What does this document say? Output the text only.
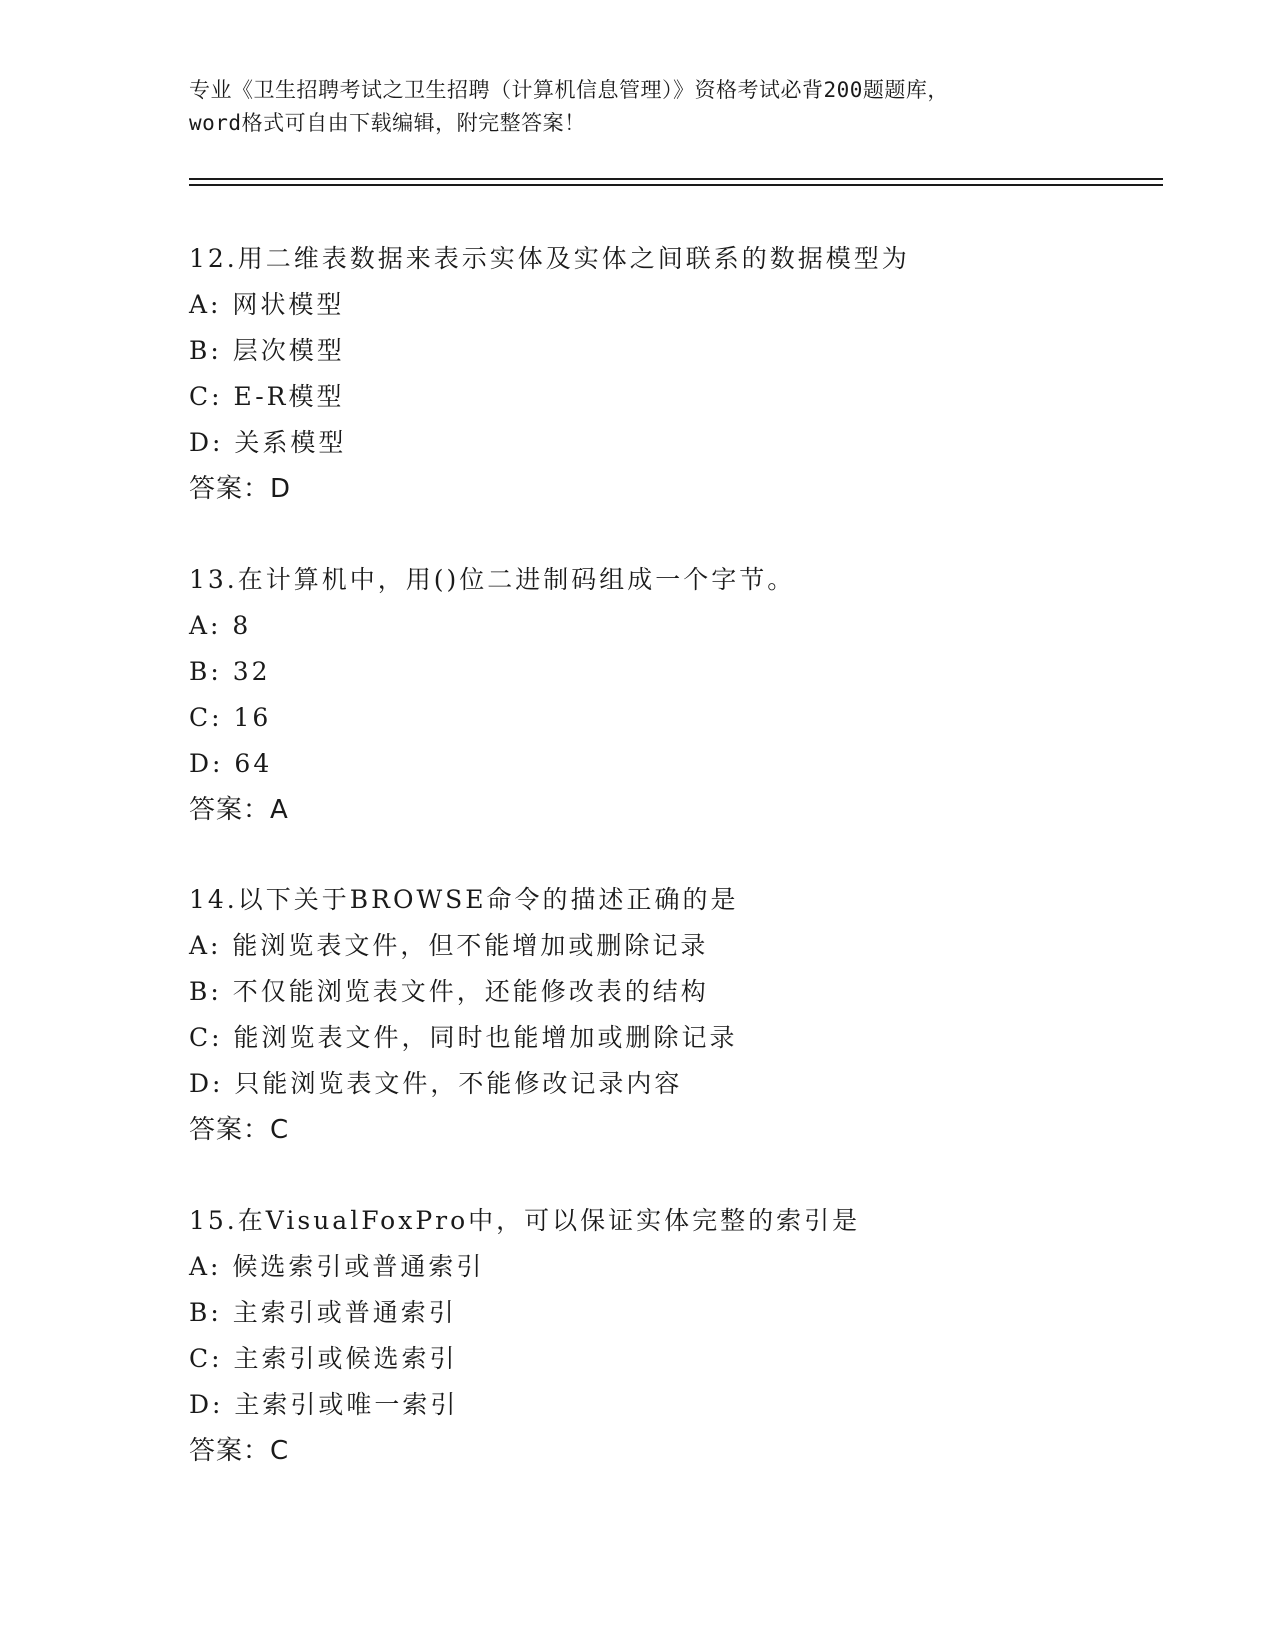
专业《卫生招聘考试之卫生招聘（计算机信息管理）》资格考试必背200题题库，
word格式可自由下载编辑，附完整答案！
12.用二维表数据来表示实体及实体之间联系的数据模型为
A: 网状模型
B: 层次模型
C: E-R模型
D: 关系模型
答案：D
13.在计算机中，用()位二进制码组成一个字节。
A: 8
B: 32
C: 16
D: 64
答案：A
14.以下关于BROWSE命令的描述正确的是
A: 能浏览表文件，但不能增加或删除记录
B: 不仅能浏览表文件，还能修改表的结构
C: 能浏览表文件，同时也能增加或删除记录
D: 只能浏览表文件，不能修改记录内容
答案：C
15.在VisualFoxPro中，可以保证实体完整的索引是
A: 候选索引或普通索引
B: 主索引或普通索引
C: 主索引或候选索引
D: 主索引或唯一索引
答案：C
